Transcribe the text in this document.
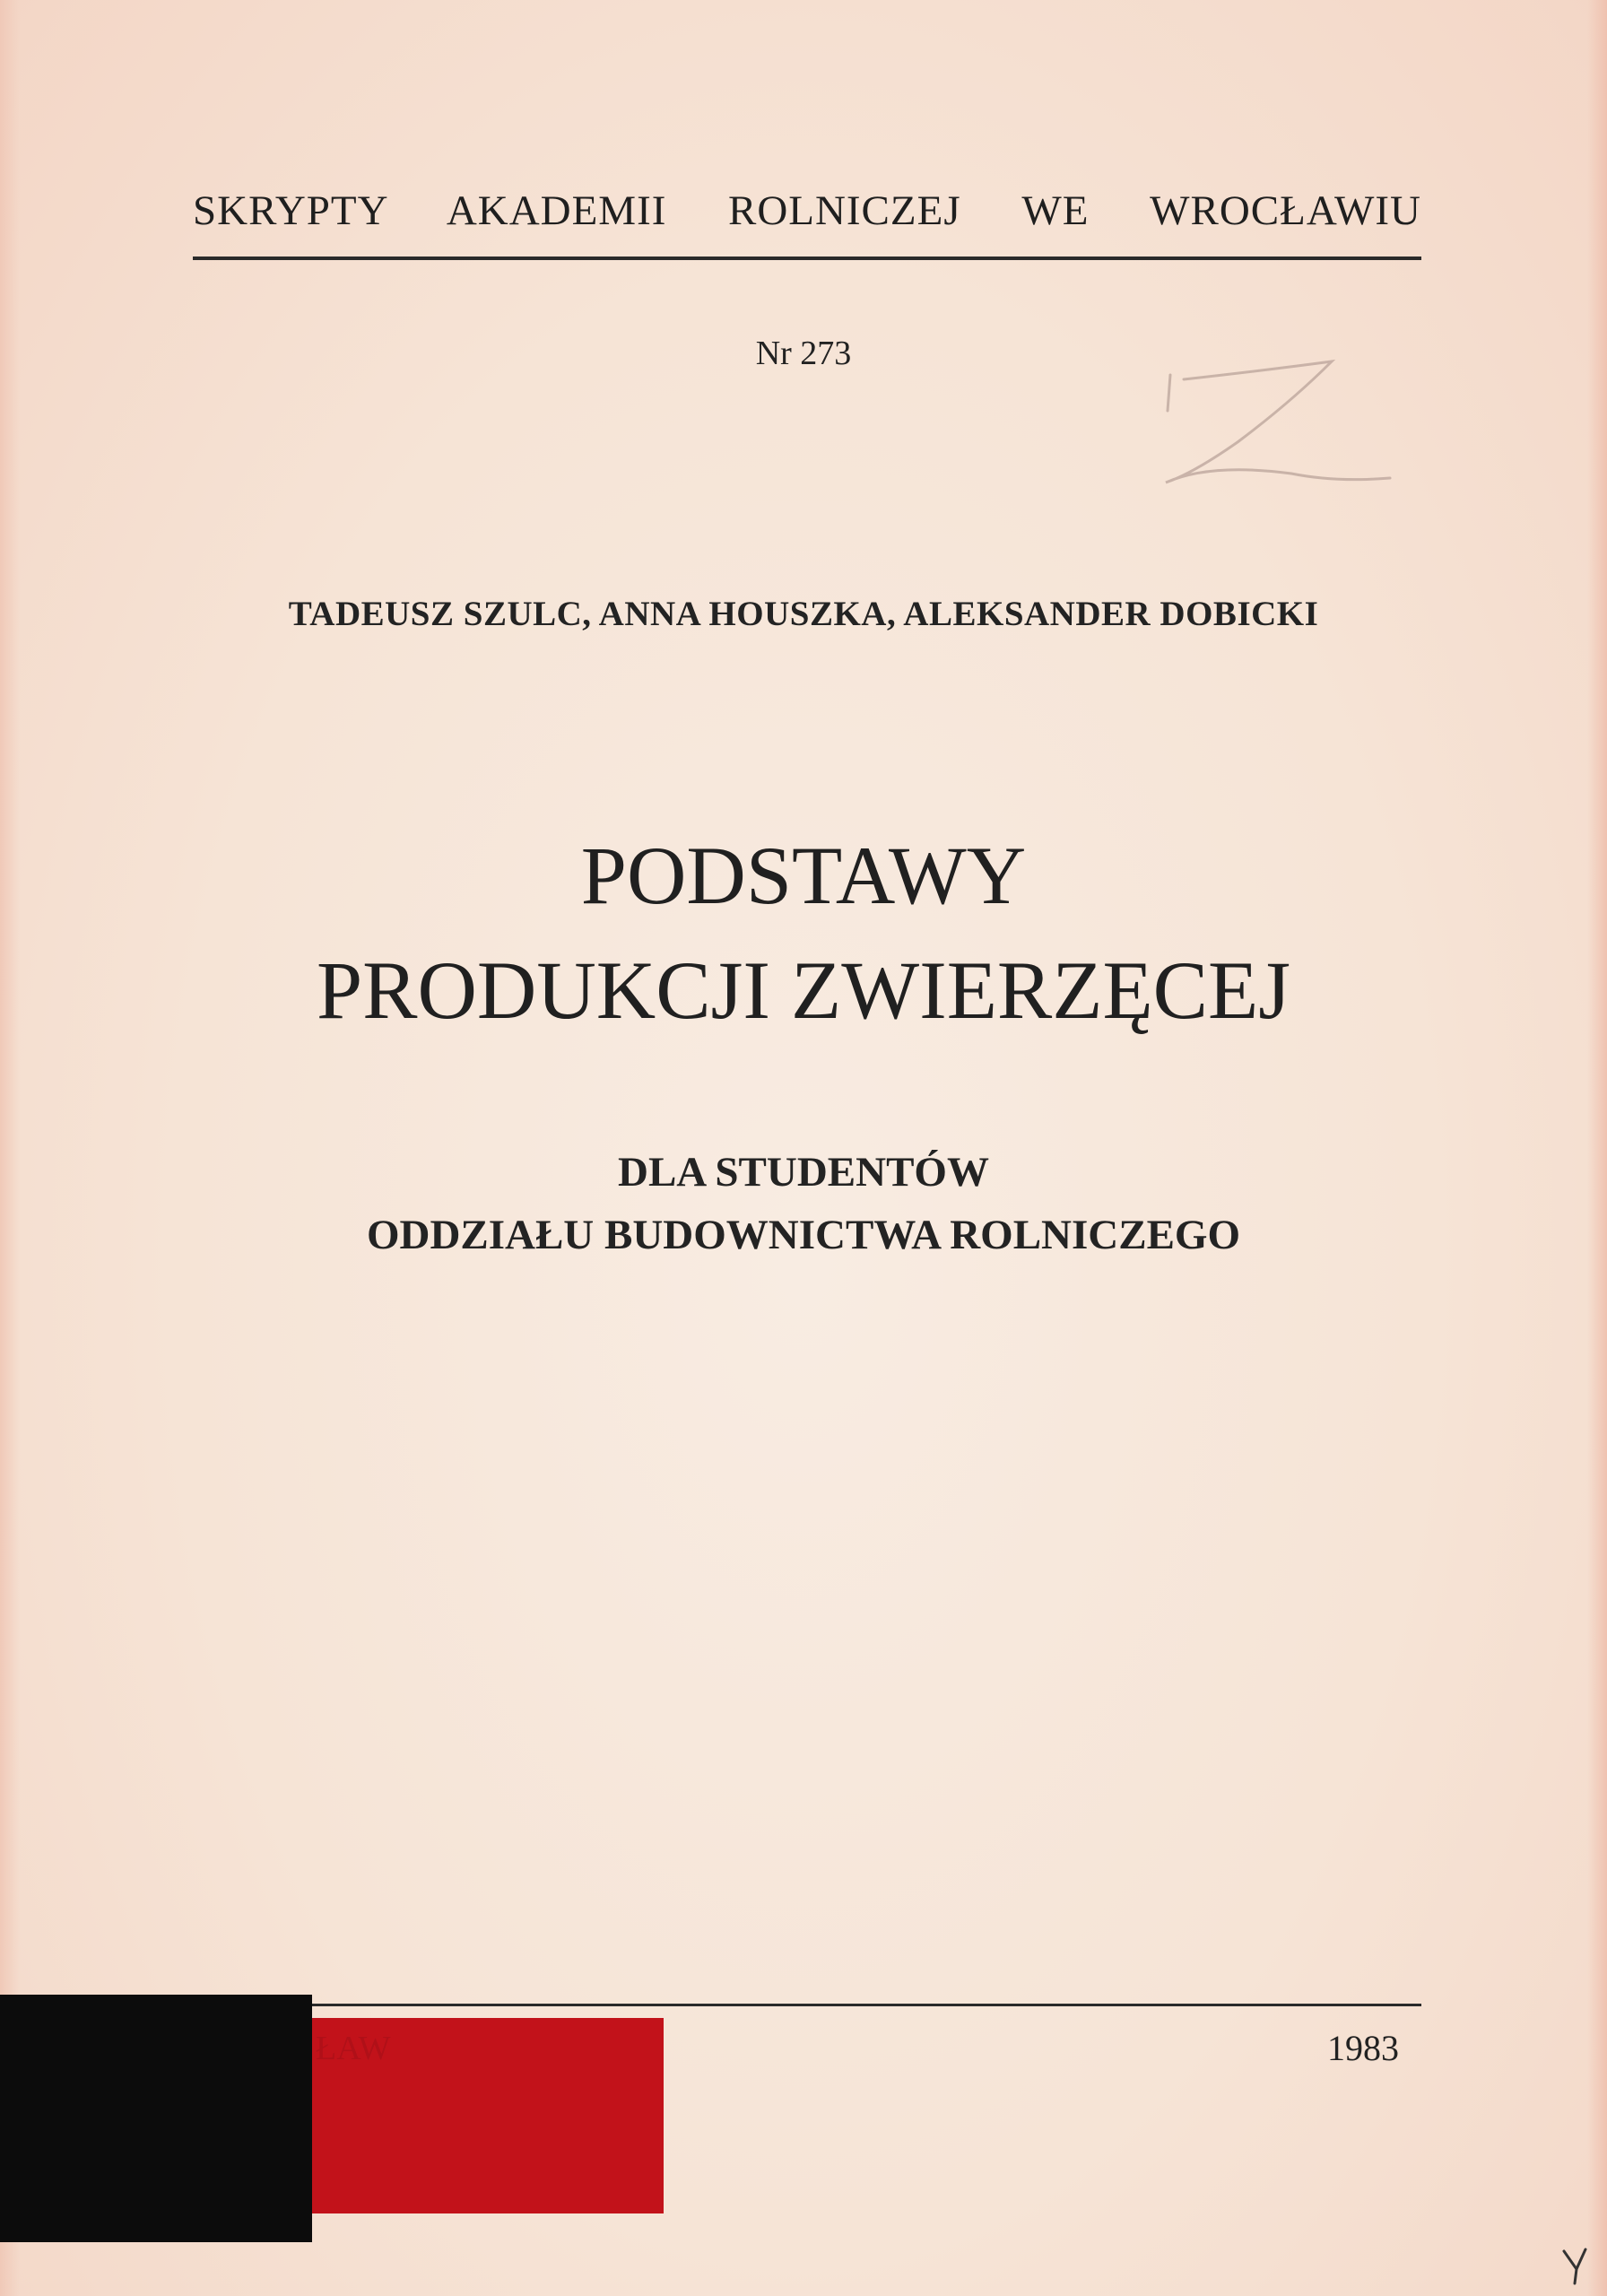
SKRYPTY AKADEMII ROLNICZEJ WE WROCŁAWIU
Nr 273
TADEUSZ SZULC, ANNA HOUSZKA, ALEKSANDER DOBICKI
PODSTAWY
PRODUKCJI ZWIERZĘCEJ
DLA STUDENTÓW
ODDZIAŁU BUDOWNICTWA ROLNICZEGO
ŁAW	1983
